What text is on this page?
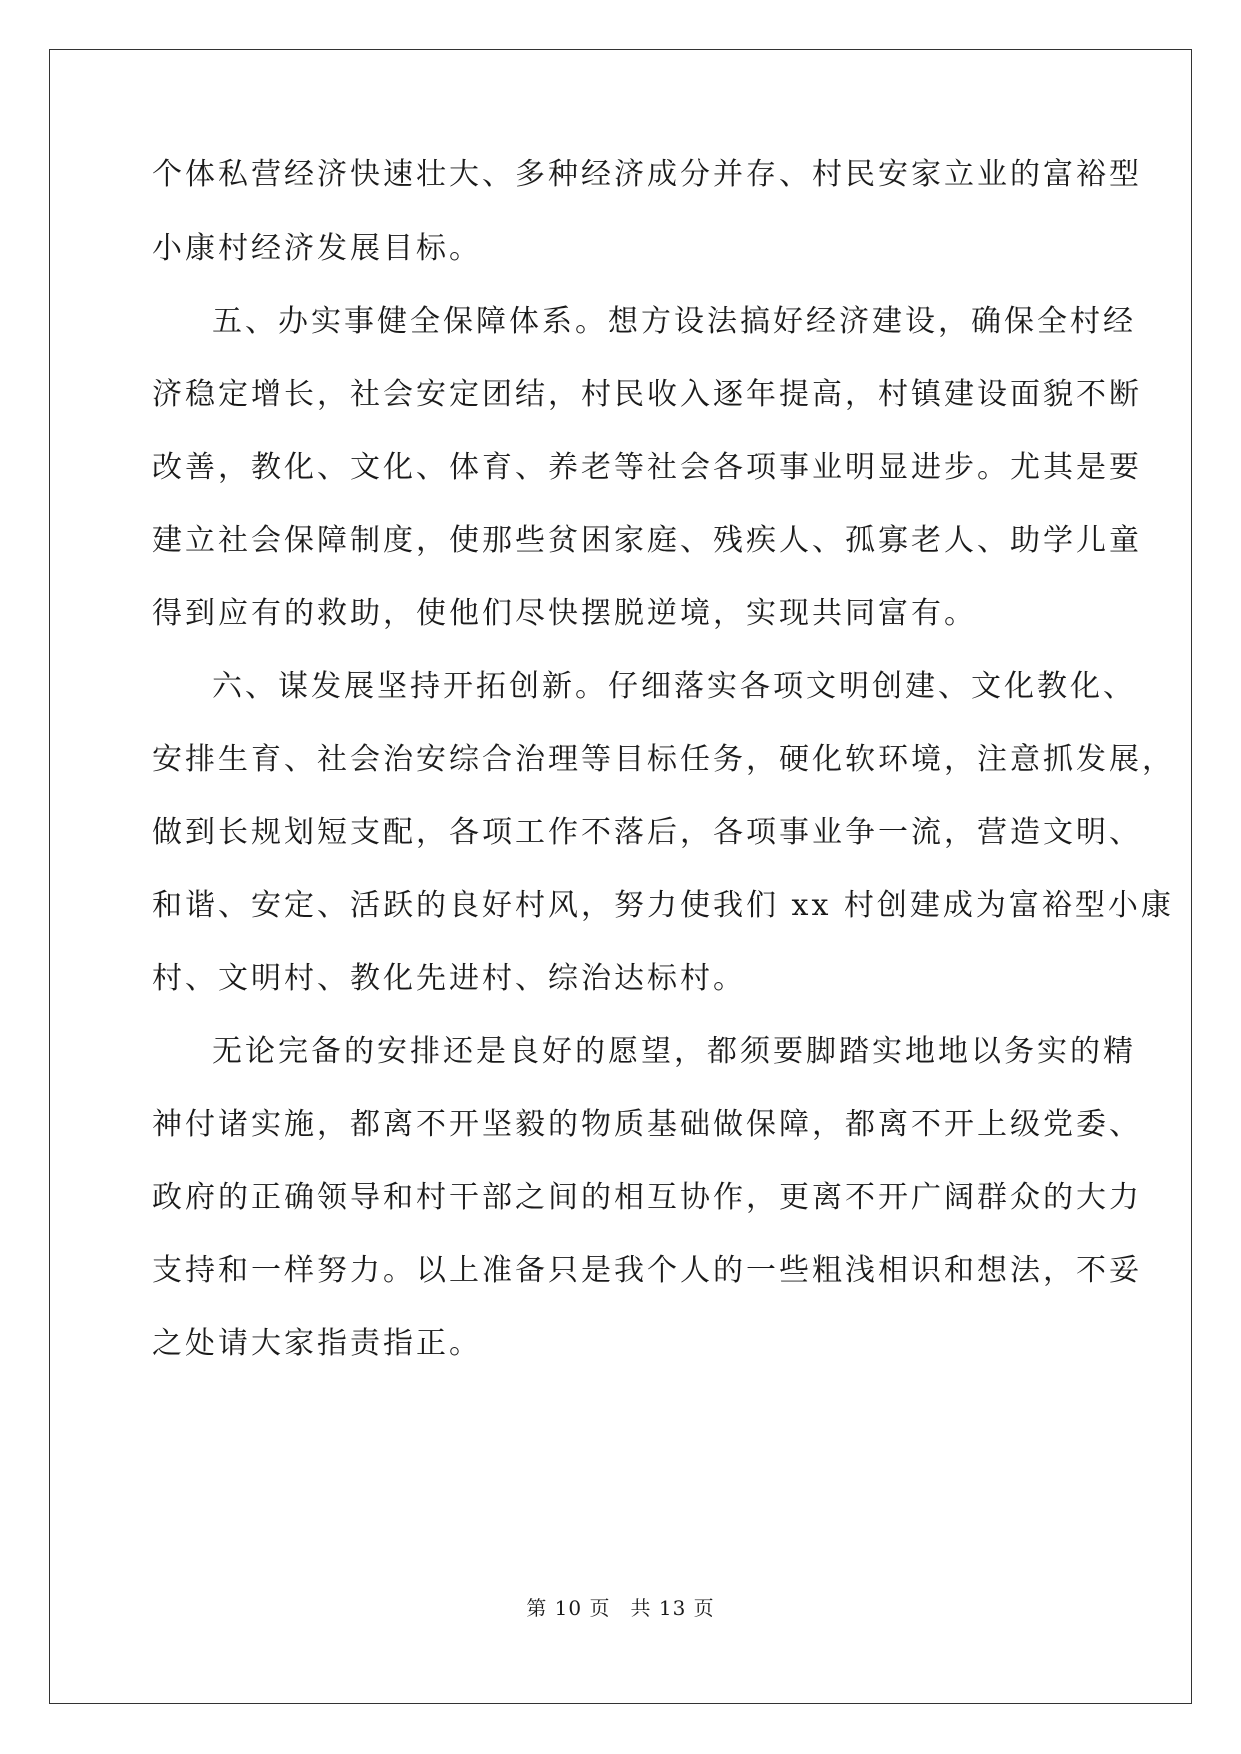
个体私营经济快速壮大、多种经济成分并存、村民安家立业的富裕型
小康村经济发展目标。
五、办实事健全保障体系。想方设法搞好经济建设，确保全村经
济稳定增长，社会安定团结，村民收入逐年提高，村镇建设面貌不断
改善，教化、文化、体育、养老等社会各项事业明显进步。尤其是要
建立社会保障制度，使那些贫困家庭、残疾人、孤寡老人、助学儿童
得到应有的救助，使他们尽快摆脱逆境，实现共同富有。
六、谋发展坚持开拓创新。仔细落实各项文明创建、文化教化、
安排生育、社会治安综合治理等目标任务，硬化软环境，注意抓发展，
做到长规划短支配，各项工作不落后，各项事业争一流，营造文明、
和谐、安定、活跃的良好村风，努力使我们 xx 村创建成为富裕型小康
村、文明村、教化先进村、综治达标村。
无论完备的安排还是良好的愿望，都须要脚踏实地地以务实的精
神付诸实施，都离不开坚毅的物质基础做保障，都离不开上级党委、
政府的正确领导和村干部之间的相互协作，更离不开广阔群众的大力
支持和一样努力。以上准备只是我个人的一些粗浅相识和想法，不妥
之处请大家指责指正。
第 10 页 共 13 页
